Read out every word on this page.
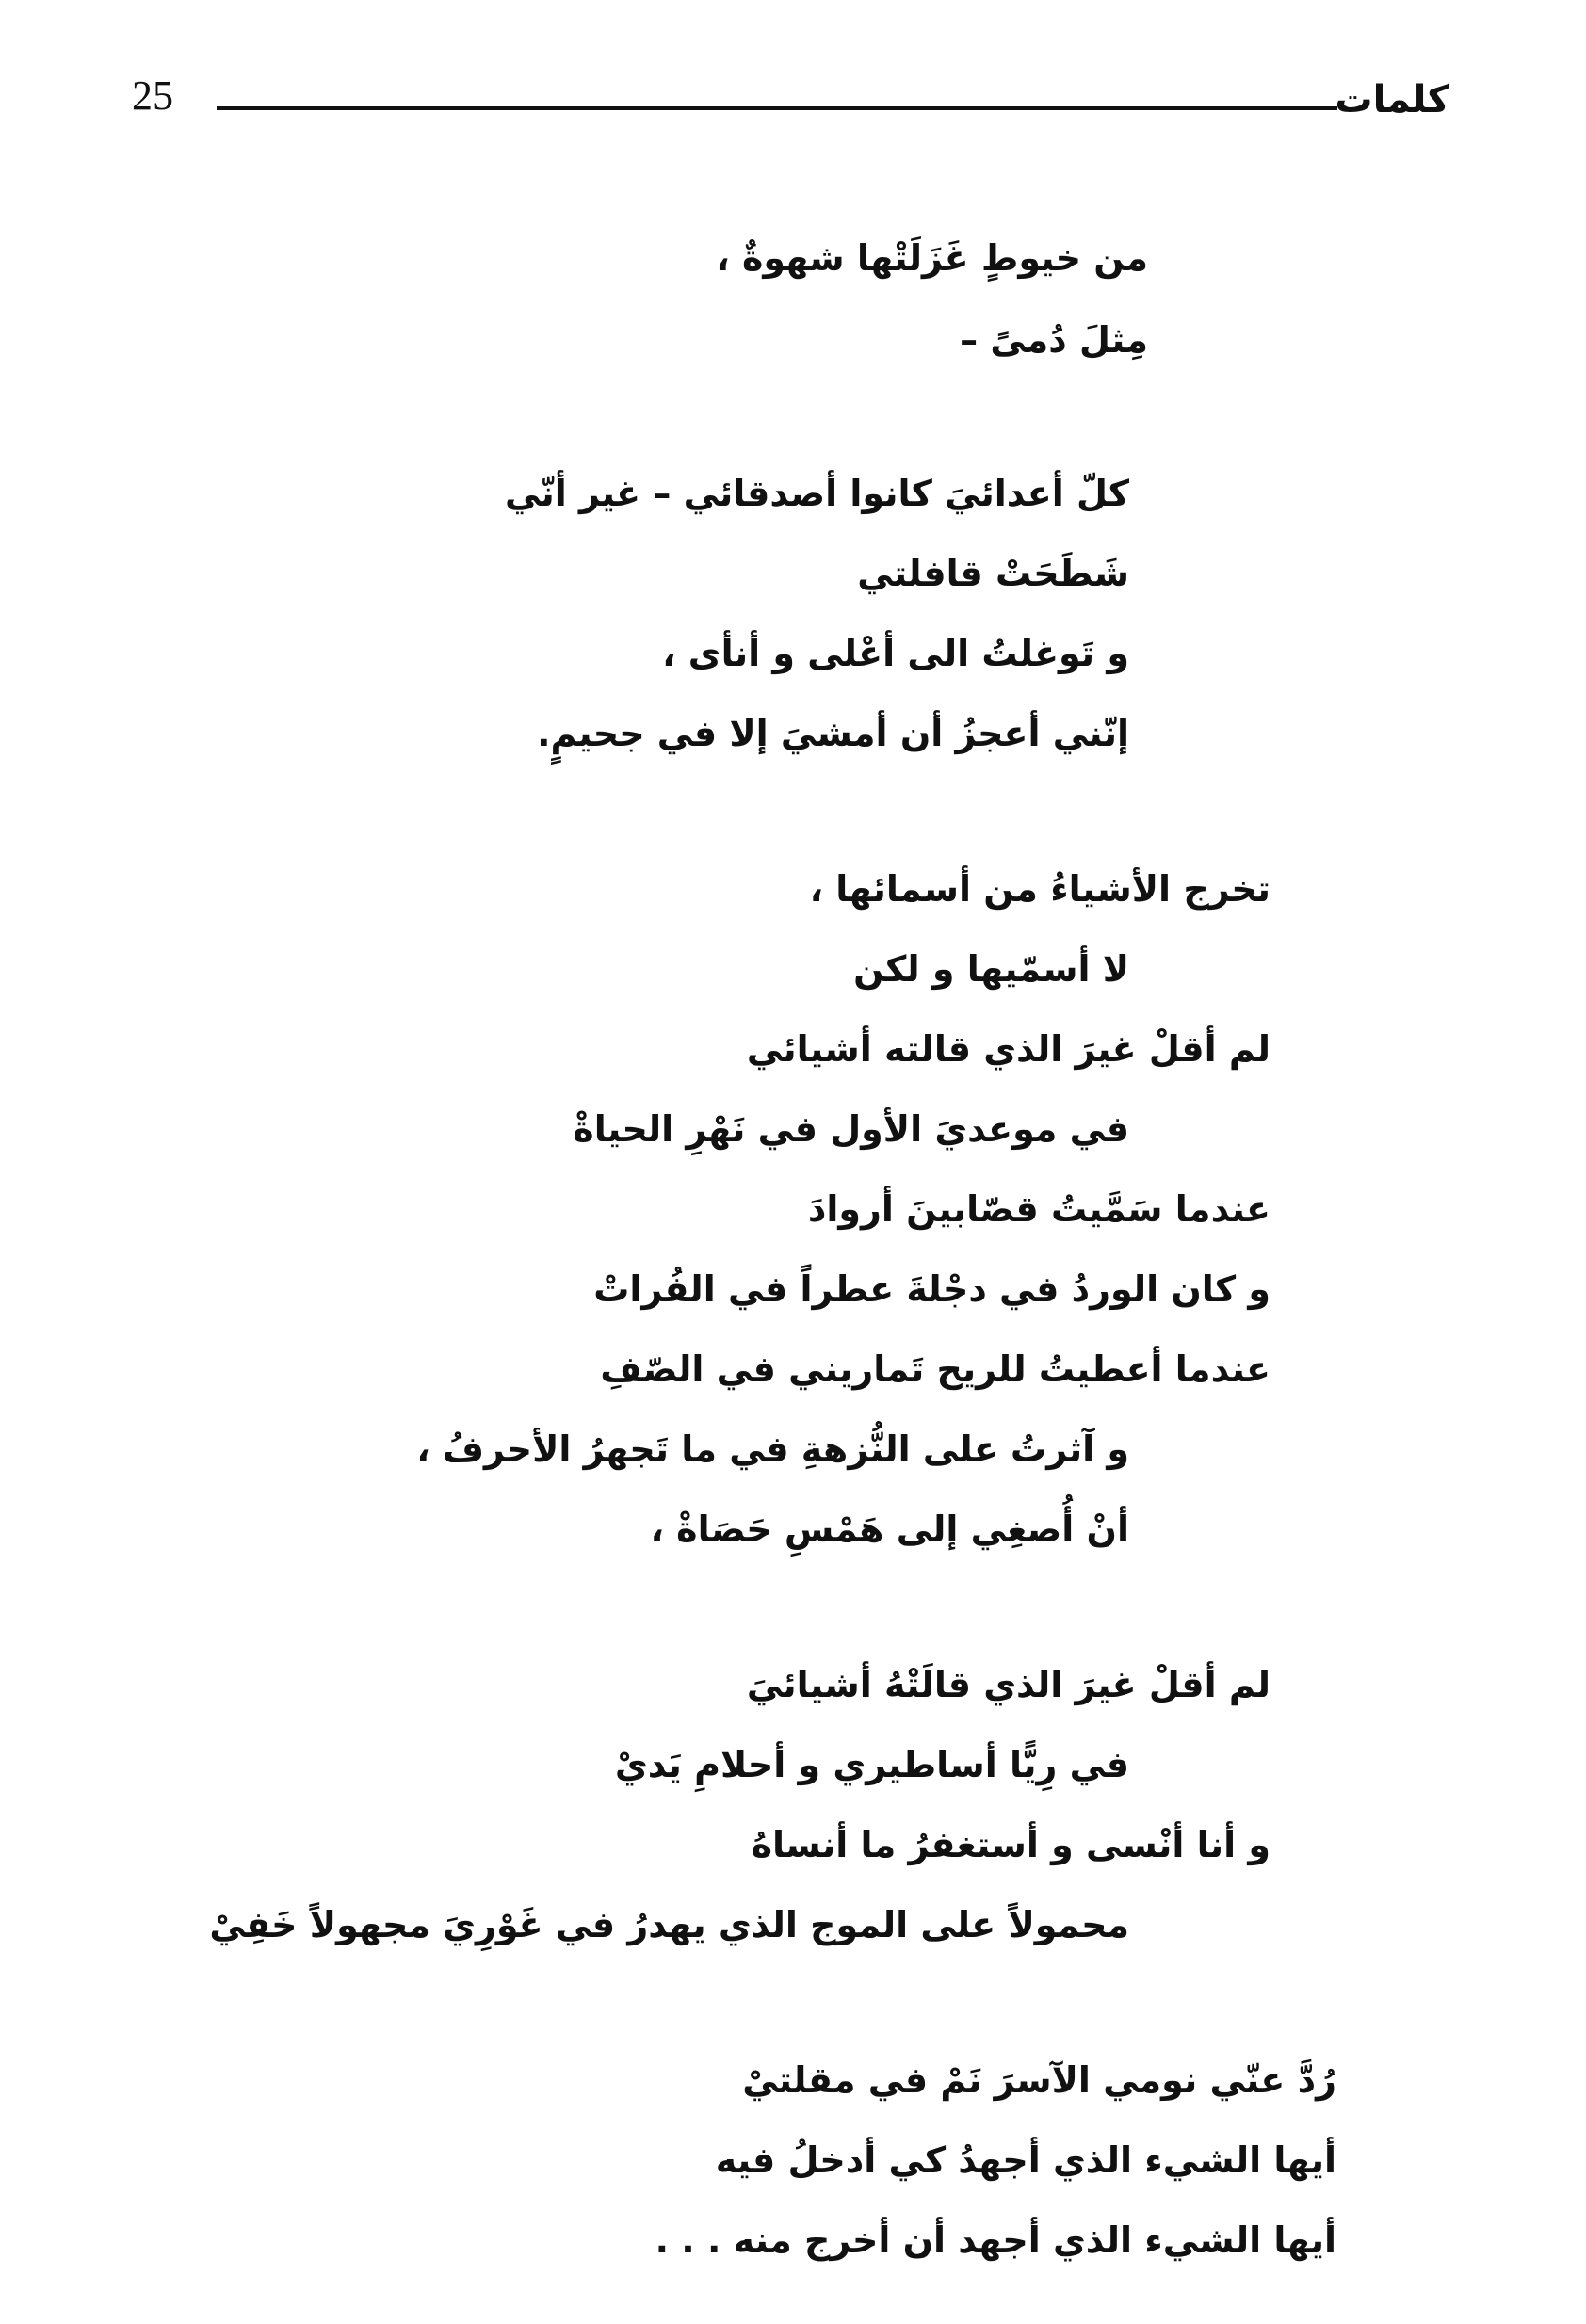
25	كلمات
من خيوطٍ غَزَلَتْها شهوةٌ ،
مِثلَ دُمىً –
كلّ أعدائيَ كانوا أصدقائي – غير أنّي
شَطَحَتْ قافلتي
و تَوغلتُ الى أعْلى و أنأى ،
إنّني أعجزُ أن أمشيَ إلا في جحيمٍ.
تخرج الأشياءُ من أسمائها ،
لا أسمّيها و لكن
لم أقلْ غيرَ الذي قالته أشيائي
في موعديَ الأول في نَهْرِ الحياةْ
عندما سَمَّيتُ قصّابينَ أروادَ
و كان الوردُ في دجْلةَ عطراً في الفُراتْ
عندما أعطيتُ للريح تَماريني في الصّفِ
و آثرتُ على النُّزهةِ في ما تَجهرُ الأحرفُ ،
أنْ أُصغِي إلى هَمْسِ حَصَاةْ ،
لم أقلْ غيرَ الذي قالَتْهُ أشيائيَ
في رِيًّا أساطيري و أحلامِ يَديْ
و أنا أنْسى و أستغفرُ ما أنساهُ
محمولاً على الموج الذي يهدرُ في غَوْرِيَ مجهولاً خَفِيْ
رُدَّ عنّي نومي الآسرَ نَمْ في مقلتيْ
أيها الشيء الذي أجهدُ كي أدخلُ فيه
أيها الشيء الذي أجهد أن أخرج منه . . .
